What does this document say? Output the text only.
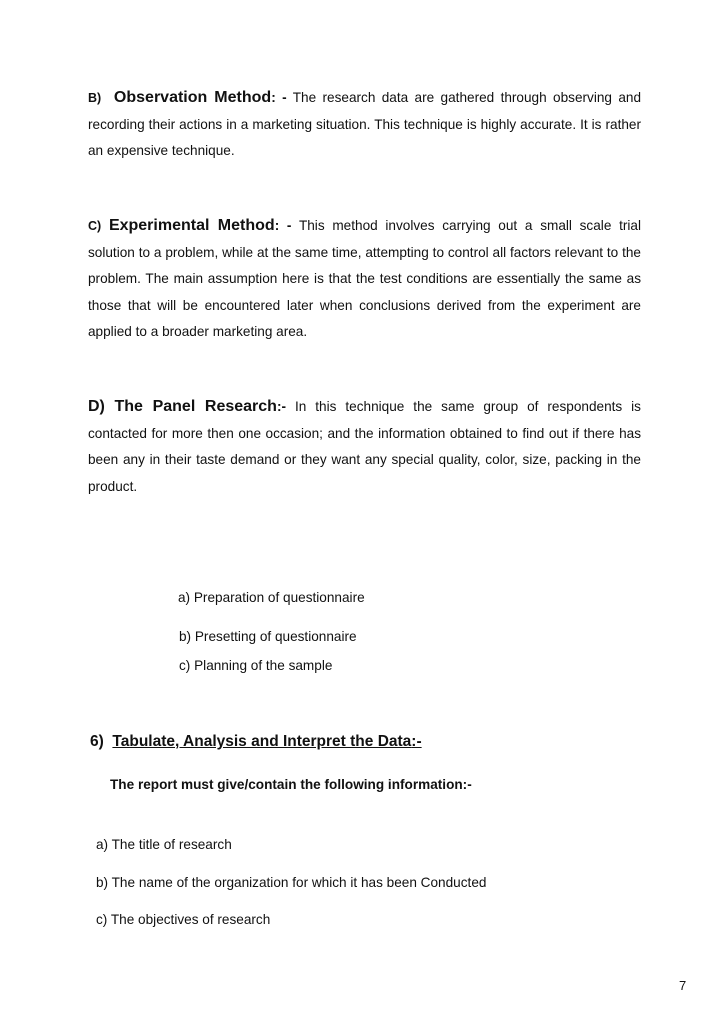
B) Observation Method: - The research data are gathered through observing and recording their actions in a marketing situation. This technique is highly accurate. It is rather an expensive technique.

C) Experimental Method: - This method involves carrying out a small scale trial solution to a problem, while at the same time, attempting to control all factors relevant to the problem. The main assumption here is that the test conditions are essentially the same as those that will be encountered later when conclusions derived from the experiment are applied to a broader marketing area.

D) The Panel Research:- In this technique the same group of respondents is contacted for more then one occasion; and the information obtained to find out if there has been any in their taste demand or they want any special quality, color, size, packing in the product.

a) Preparation of questionnaire

b) Presetting of questionnaire

c) Planning of the sample

6) Tabulate, Analysis and Interpret the Data:-
The report must give/contain the following information:-

a) The title of research

b) The name of the organization for which it has been Conducted

c) The objectives of research

7
